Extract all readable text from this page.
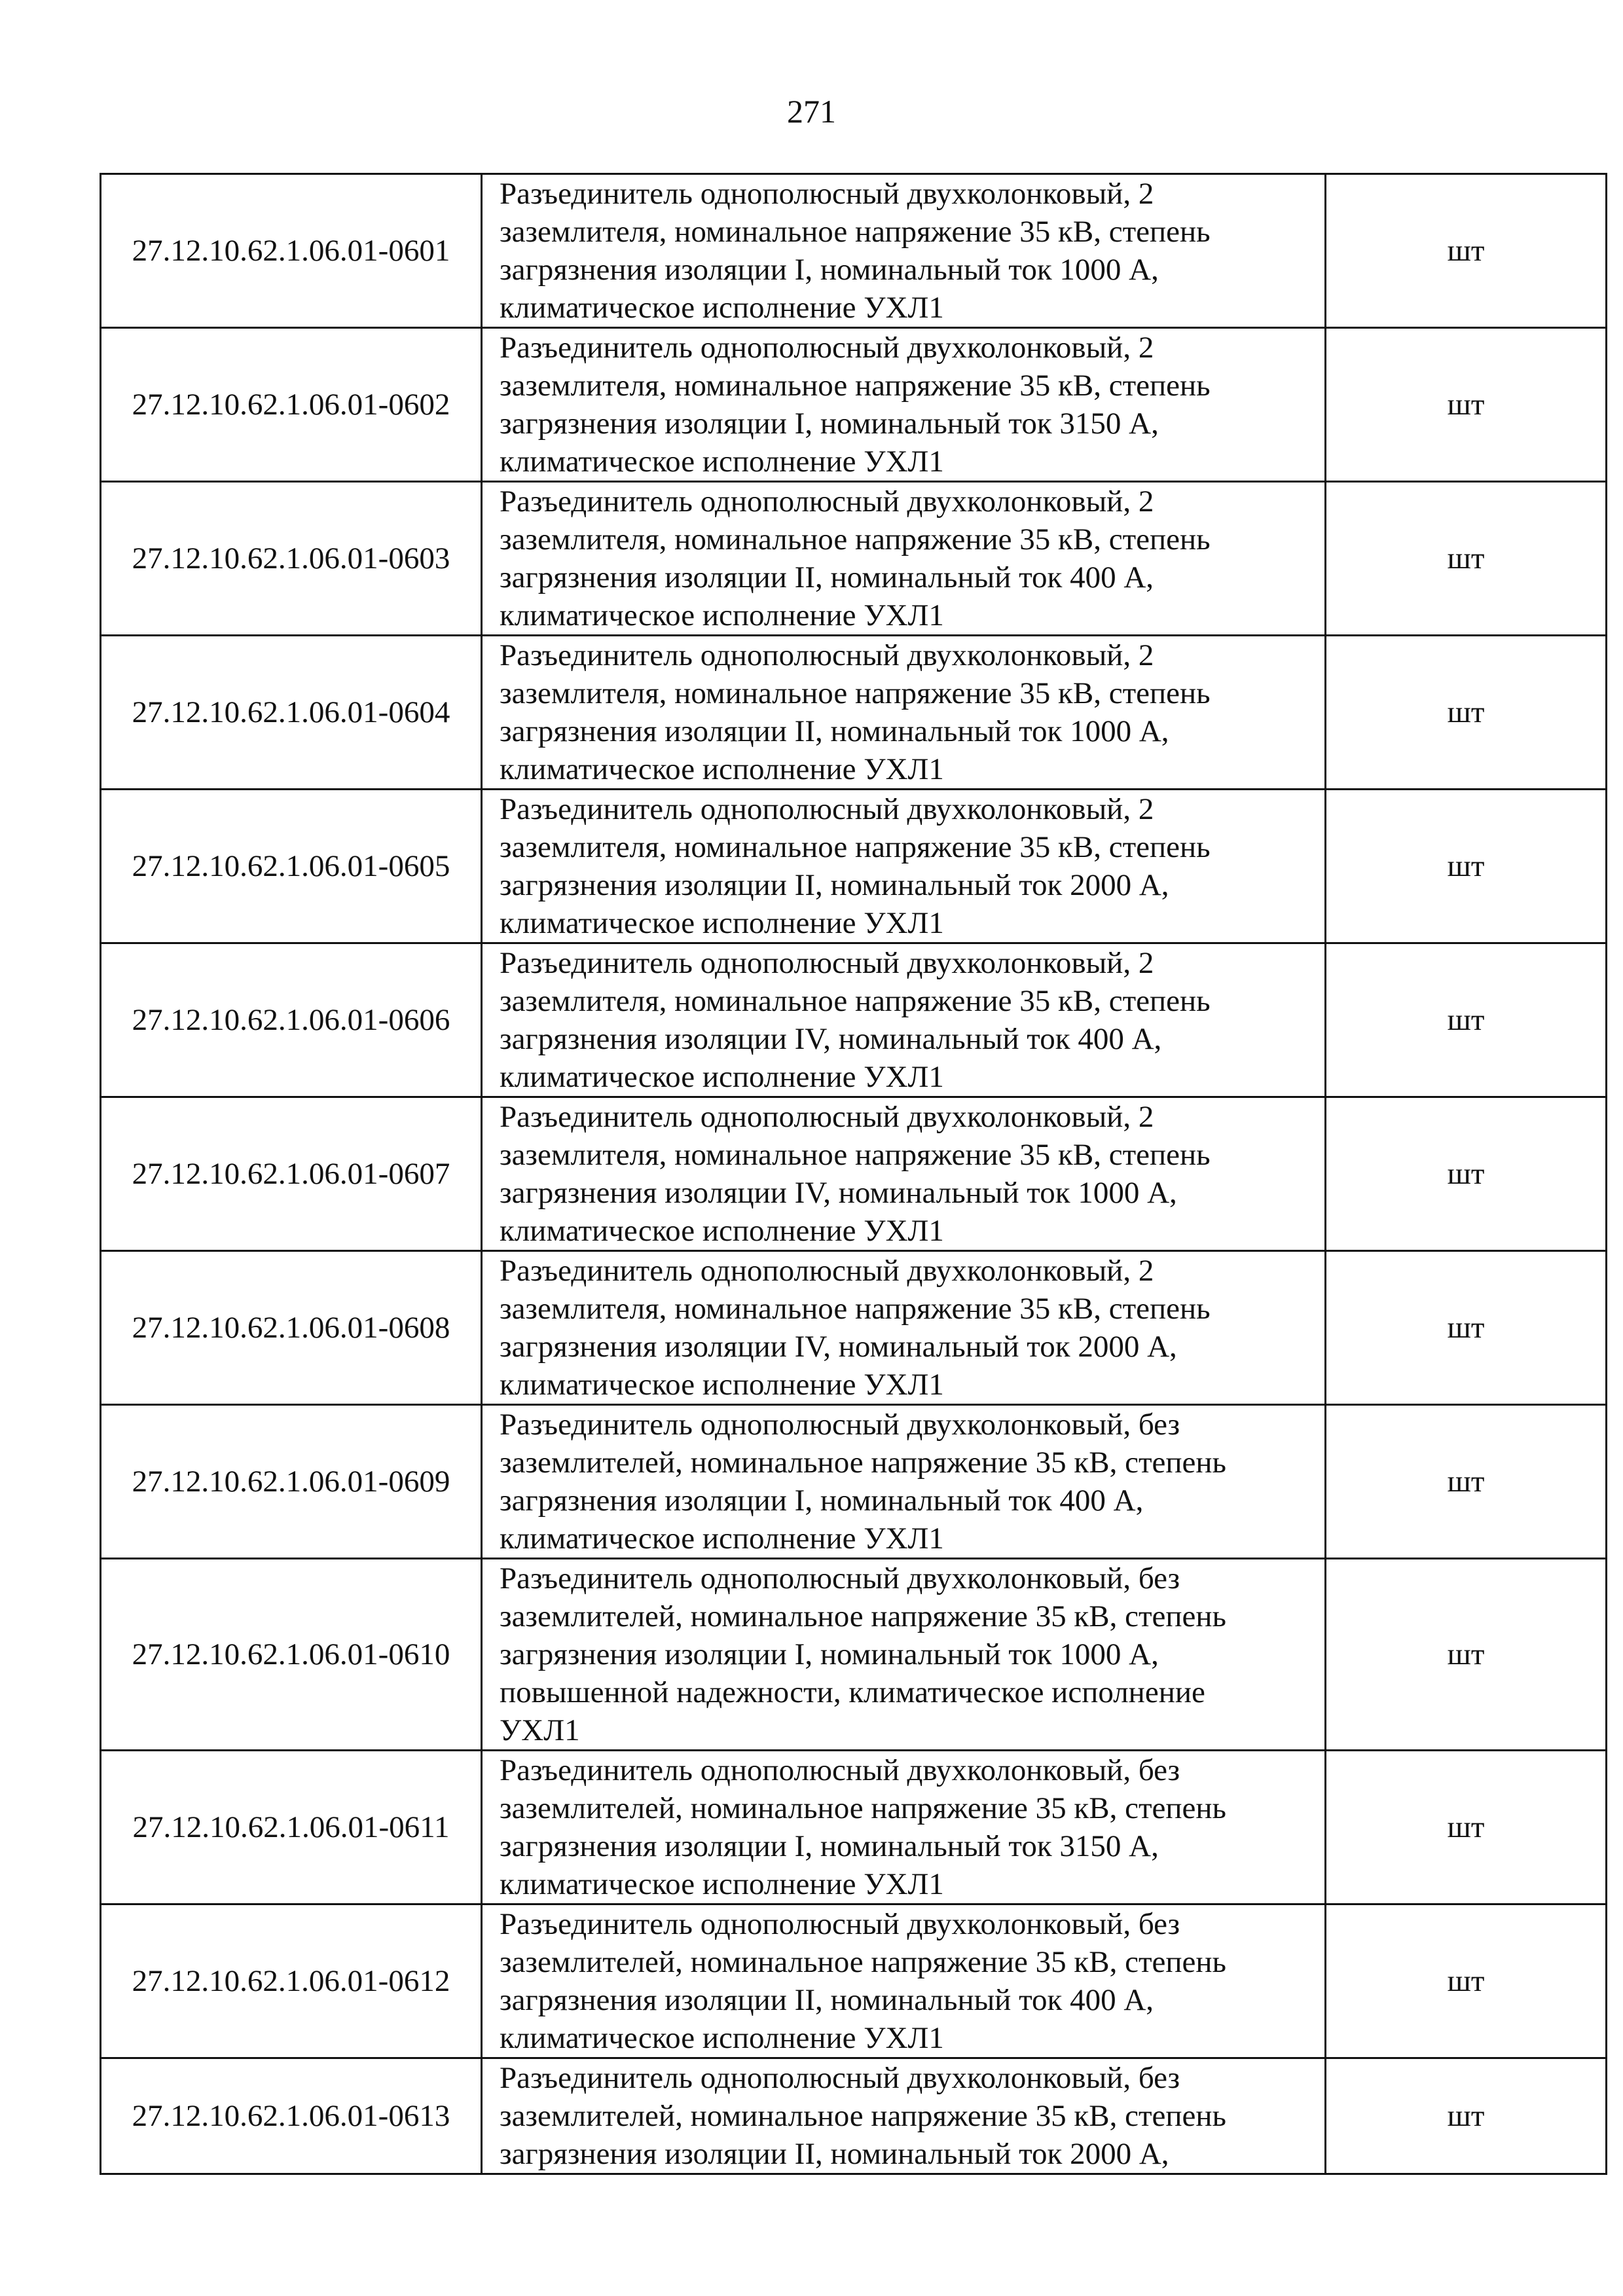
271
27.12.10.62.1.06.01-0601	Разъединитель однополюсный двухколонковый, 2
заземлителя, номинальное напряжение 35 кВ, степень
загрязнения изоляции I, номинальный ток 1000 А,
климатическое исполнение УХЛ1	шт
27.12.10.62.1.06.01-0602	Разъединитель однополюсный двухколонковый, 2
заземлителя, номинальное напряжение 35 кВ, степень
загрязнения изоляции I, номинальный ток 3150 А,
климатическое исполнение УХЛ1	шт
27.12.10.62.1.06.01-0603	Разъединитель однополюсный двухколонковый, 2
заземлителя, номинальное напряжение 35 кВ, степень
загрязнения изоляции II, номинальный ток 400 А,
климатическое исполнение УХЛ1	шт
27.12.10.62.1.06.01-0604	Разъединитель однополюсный двухколонковый, 2
заземлителя, номинальное напряжение 35 кВ, степень
загрязнения изоляции II, номинальный ток 1000 А,
климатическое исполнение УХЛ1	шт
27.12.10.62.1.06.01-0605	Разъединитель однополюсный двухколонковый, 2
заземлителя, номинальное напряжение 35 кВ, степень
загрязнения изоляции II, номинальный ток 2000 А,
климатическое исполнение УХЛ1	шт
27.12.10.62.1.06.01-0606	Разъединитель однополюсный двухколонковый, 2
заземлителя, номинальное напряжение 35 кВ, степень
загрязнения изоляции IV, номинальный ток 400 А,
климатическое исполнение УХЛ1	шт
27.12.10.62.1.06.01-0607	Разъединитель однополюсный двухколонковый, 2
заземлителя, номинальное напряжение 35 кВ, степень
загрязнения изоляции IV, номинальный ток 1000 А,
климатическое исполнение УХЛ1	шт
27.12.10.62.1.06.01-0608	Разъединитель однополюсный двухколонковый, 2
заземлителя, номинальное напряжение 35 кВ, степень
загрязнения изоляции IV, номинальный ток 2000 А,
климатическое исполнение УХЛ1	шт
27.12.10.62.1.06.01-0609	Разъединитель однополюсный двухколонковый, без
заземлителей, номинальное напряжение 35 кВ, степень
загрязнения изоляции I, номинальный ток 400 А,
климатическое исполнение УХЛ1	шт
27.12.10.62.1.06.01-0610	Разъединитель однополюсный двухколонковый, без
заземлителей, номинальное напряжение 35 кВ, степень
загрязнения изоляции I, номинальный ток 1000 А,
повышенной надежности, климатическое исполнение
УХЛ1	шт
27.12.10.62.1.06.01-0611	Разъединитель однополюсный двухколонковый, без
заземлителей, номинальное напряжение 35 кВ, степень
загрязнения изоляции I, номинальный ток 3150 А,
климатическое исполнение УХЛ1	шт
27.12.10.62.1.06.01-0612	Разъединитель однополюсный двухколонковый, без
заземлителей, номинальное напряжение 35 кВ, степень
загрязнения изоляции II, номинальный ток 400 А,
климатическое исполнение УХЛ1	шт
27.12.10.62.1.06.01-0613	Разъединитель однополюсный двухколонковый, без
заземлителей, номинальное напряжение 35 кВ, степень
загрязнения изоляции II, номинальный ток 2000 А,	шт
